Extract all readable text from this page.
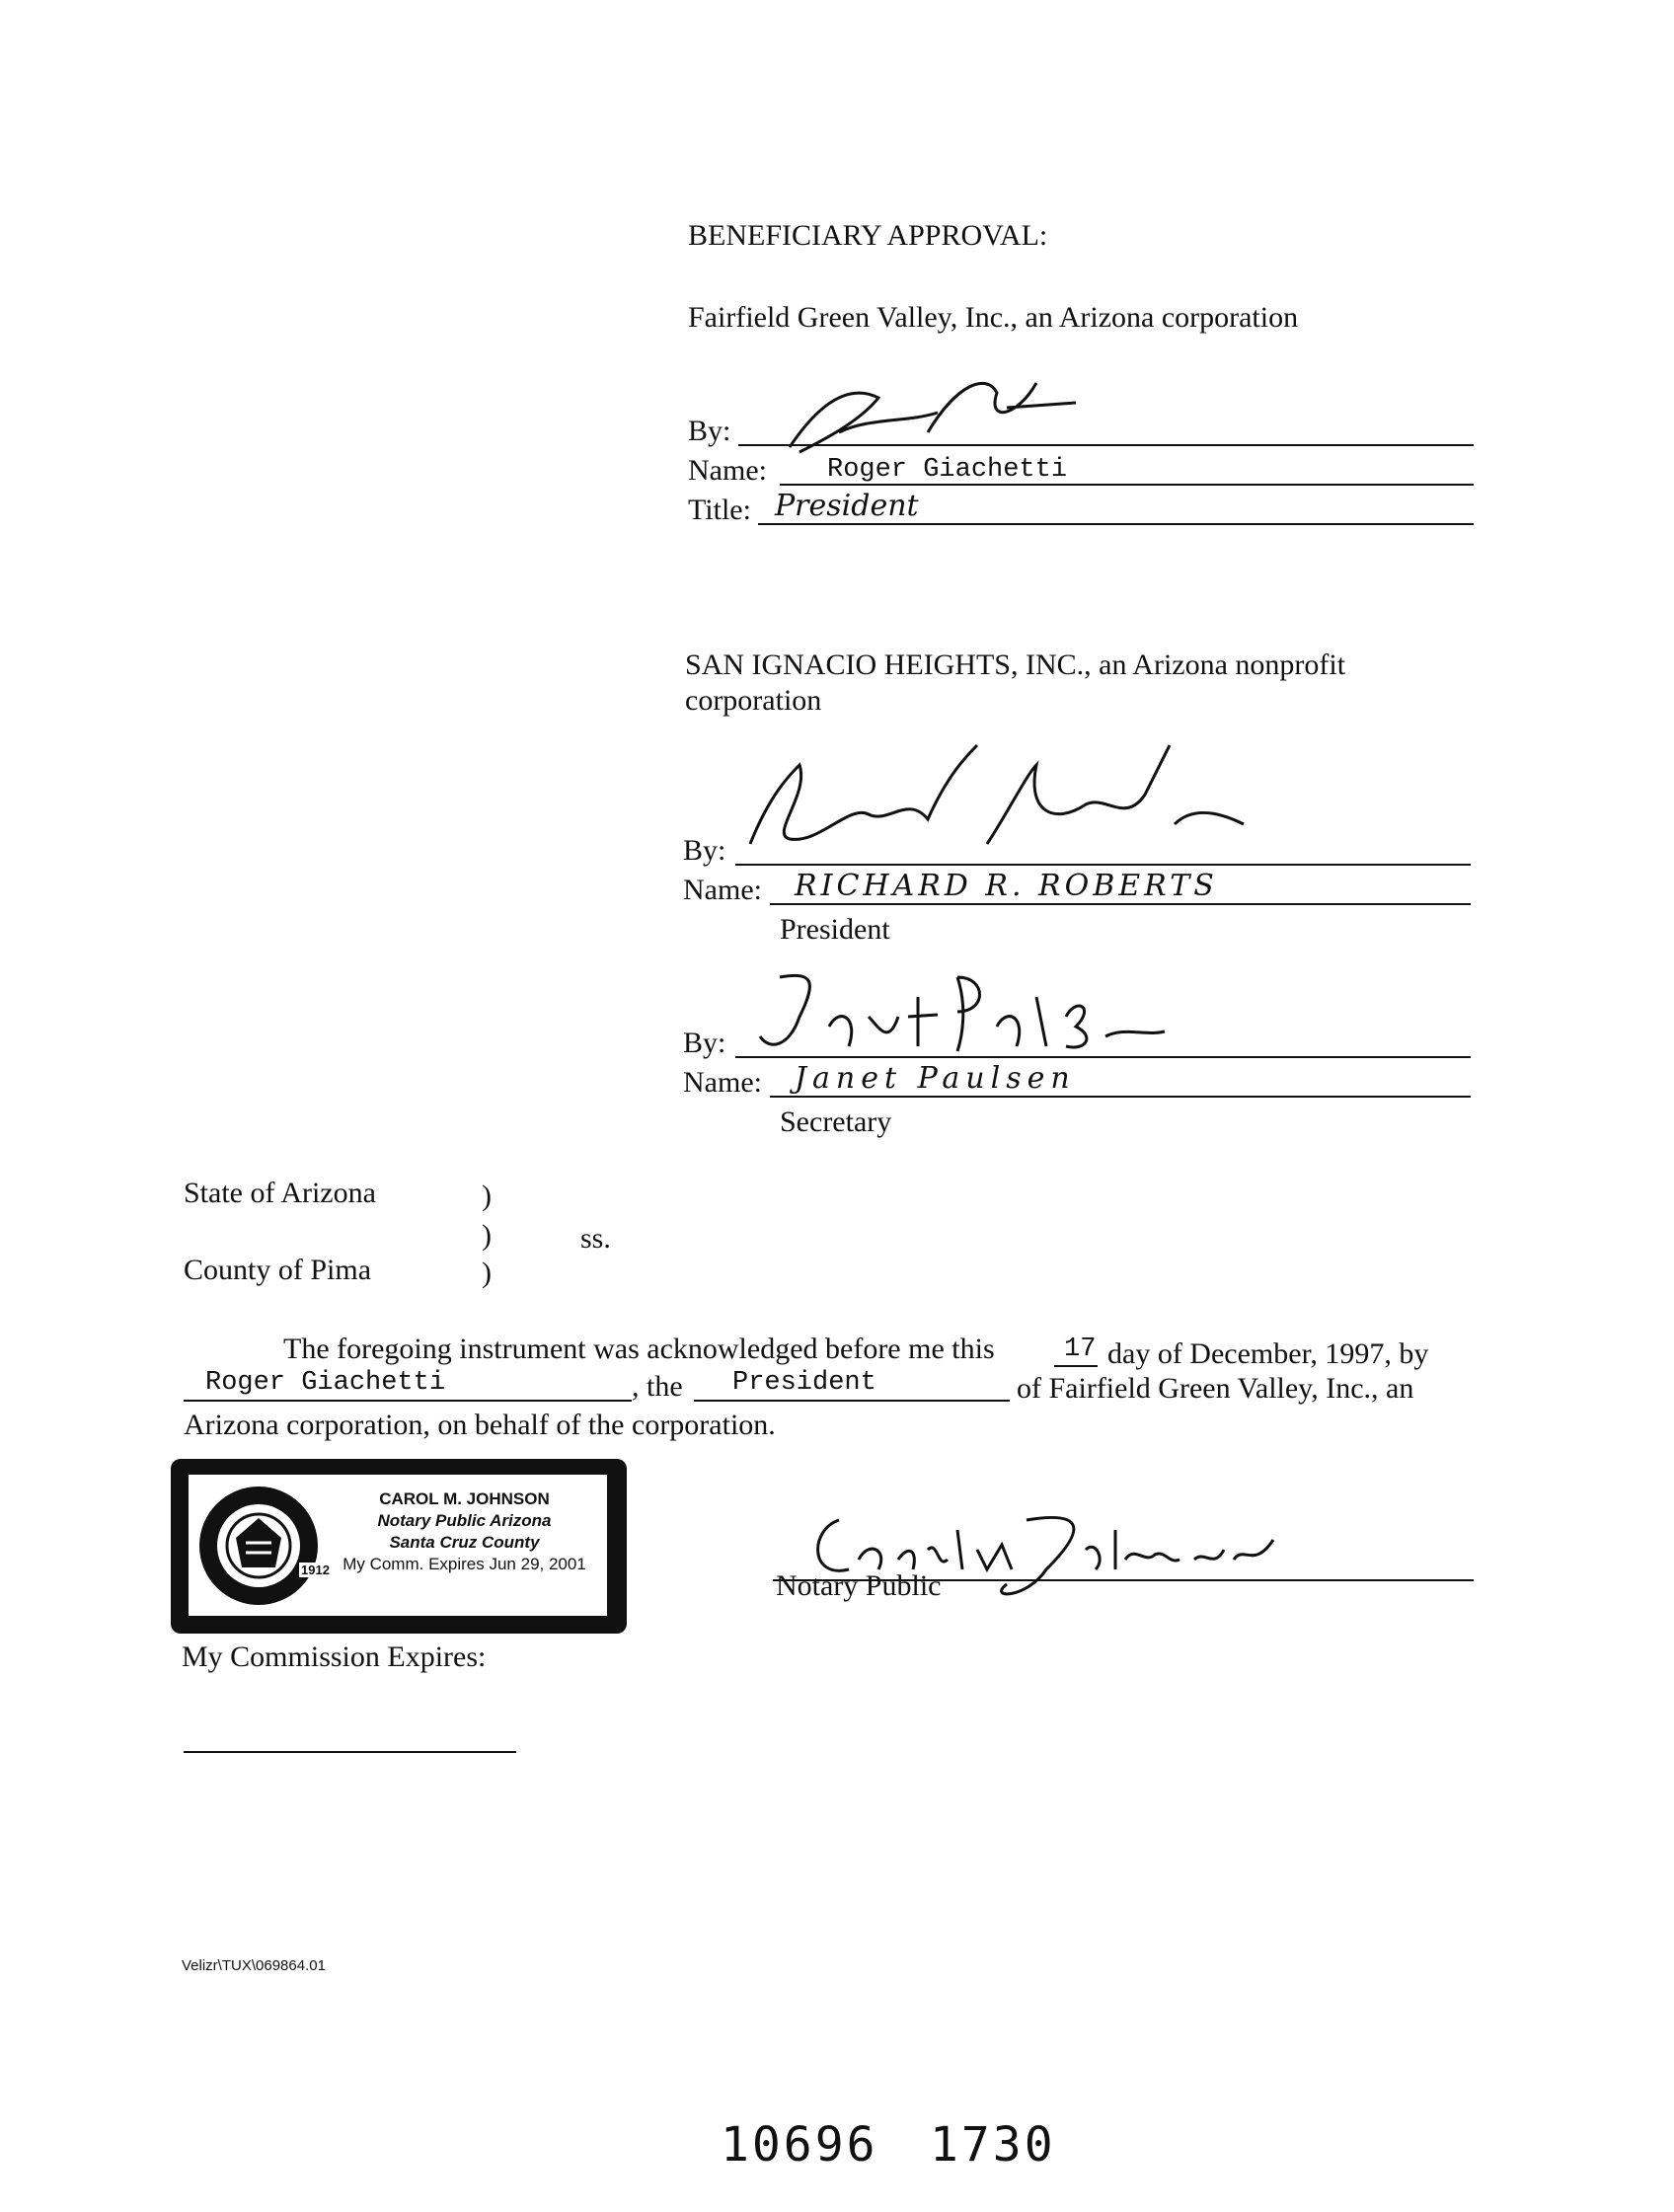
BENEFICIARY APPROVAL:
Fairfield Green Valley, Inc., an Arizona corporation
By:
Name: Roger Giachetti
Title: President
SAN IGNACIO HEIGHTS, INC., an Arizona nonprofit
corporation
By:
Name: RICHARD R. ROBERTS
President
By:
Name: Janet Paulsen
Secretary
State of Arizona	)
)	ss.
County of Pima	)
The foregoing instrument was acknowledged before me this	17 day of December, 1997, by
Roger Giachetti	, the President	of Fairfield Green Valley, Inc., an
Arizona corporation, on behalf of the corporation.
1912
CAROL M. JOHNSON
Notary Public Arizona
Santa Cruz County
My Comm. Expires Jun 29, 2001
Notary Public
My Commission Expires:
Velizr\TUX\069864.01
10696 1730
